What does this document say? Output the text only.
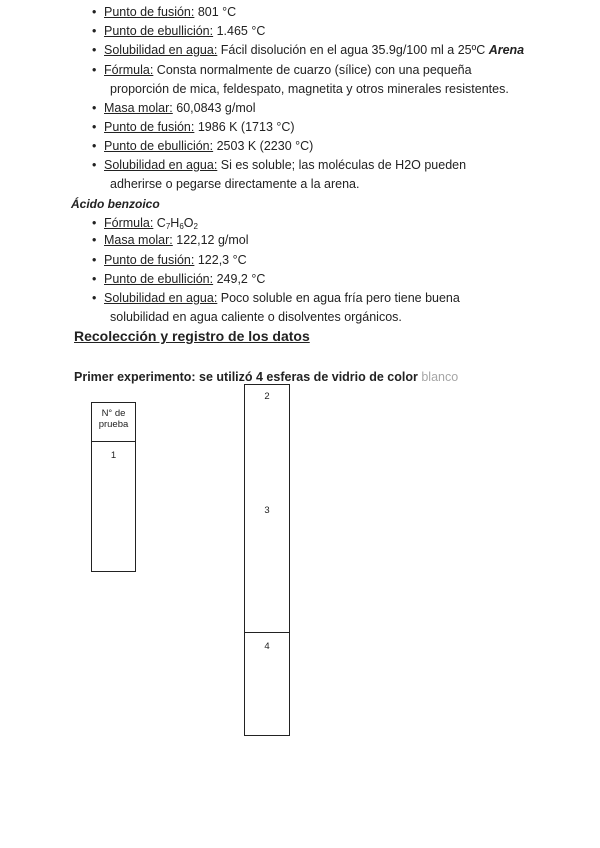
• Punto de fusión: 801 °C
• Punto de ebullición: 1.465 °C
• Solubilidad en agua: Fácil disolución en el agua 35.9g/100 ml a 25ºC Arena
• Fórmula: Consta normalmente de cuarzo (sílice) con una pequeña
proporción de mica, feldespato, magnetita y otros minerales resistentes.
• Masa molar: 60,0843 g/mol
• Punto de fusión: 1986 K (1713 °C)
• Punto de ebullición: 2503 K (2230 °C)
• Solubilidad en agua: Si es soluble; las moléculas de H2O pueden
adherirse o pegarse directamente a la arena.
Ácido benzoico
• Fórmula: $C_7H_6O_2$
• Masa molar: 122,12 g/mol
• Punto de fusión: 122,3 °C
• Punto de ebullición: 249,2 °C
• Solubilidad en agua: Poco soluble en agua fría pero tiene buena
solubilidad en agua caliente o disolventes orgánicos.
Recolección y registro de los datos
Primer experimento: se utilizó 4 esferas de vidrio de color blanco
N° de
prueba
1
2
3
4
